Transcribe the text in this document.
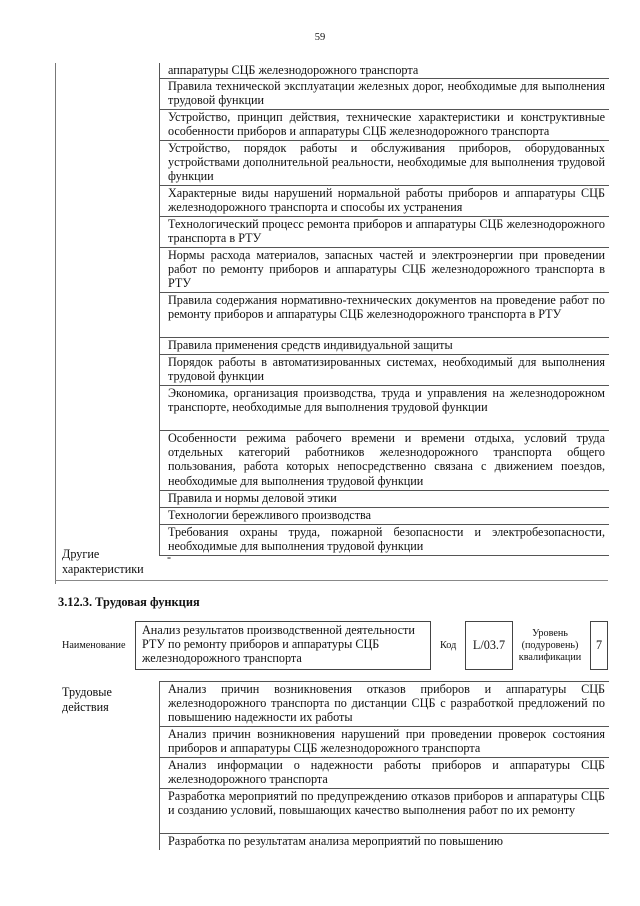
59
аппаратуры СЦБ железнодорожного транспорта
Правила технической эксплуатации железных дорог, необходимые для выполнения трудовой функции
Устройство, принцип действия, технические характеристики и конструктивные особенности приборов и аппаратуры СЦБ железнодорожного транспорта
Устройство, порядок работы и обслуживания приборов, оборудованных устройствами дополнительной реальности, необходимые для выполнения трудовой функции
Характерные виды нарушений нормальной работы приборов и аппаратуры СЦБ железнодорожного транспорта и способы их устранения
Технологический процесс ремонта приборов и аппаратуры СЦБ железнодорожного транспорта в РТУ
Нормы расхода материалов, запасных частей и электроэнергии при проведении работ по ремонту приборов и аппаратуры СЦБ железнодорожного транспорта в РТУ
Правила содержания нормативно-технических документов на проведение работ по ремонту приборов и аппаратуры СЦБ железнодорожного транспорта в РТУ
Правила применения средств индивидуальной защиты
Порядок работы в автоматизированных системах, необходимый для выполнения трудовой функции
Экономика, организация производства, труда и управления на железнодорожном транспорте, необходимые для выполнения трудовой функции
Особенности режима рабочего времени и времени отдыха, условий труда отдельных категорий работников железнодорожного транспорта общего пользования, работа которых непосредственно связана с движением поездов, необходимые для выполнения трудовой функции
Правила и нормы деловой этики
Технологии бережливого производства
Требования охраны труда, пожарной безопасности и электробезопасности, необходимые для выполнения трудовой функции
Другие характеристики
-
3.12.3. Трудовая функция
Наименование
Анализ результатов производственной деятельности РТУ по ремонту приборов и аппаратуры СЦБ железнодорожного транспорта
Код	L/03.7
Уровень (подуровень) квалификации
7
Трудовые действия
Анализ причин возникновения отказов приборов и аппаратуры СЦБ железнодорожного транспорта по дистанции СЦБ с разработкой предложений по повышению надежности их работы
Анализ причин возникновения нарушений при проведении проверок состояния приборов и аппаратуры СЦБ железнодорожного транспорта
Анализ информации о надежности работы приборов и аппаратуры СЦБ железнодорожного транспорта
Разработка мероприятий по предупреждению отказов приборов и аппаратуры СЦБ и созданию условий, повышающих качество выполнения работ по их ремонту
Разработка по результатам анализа мероприятий по повышению
